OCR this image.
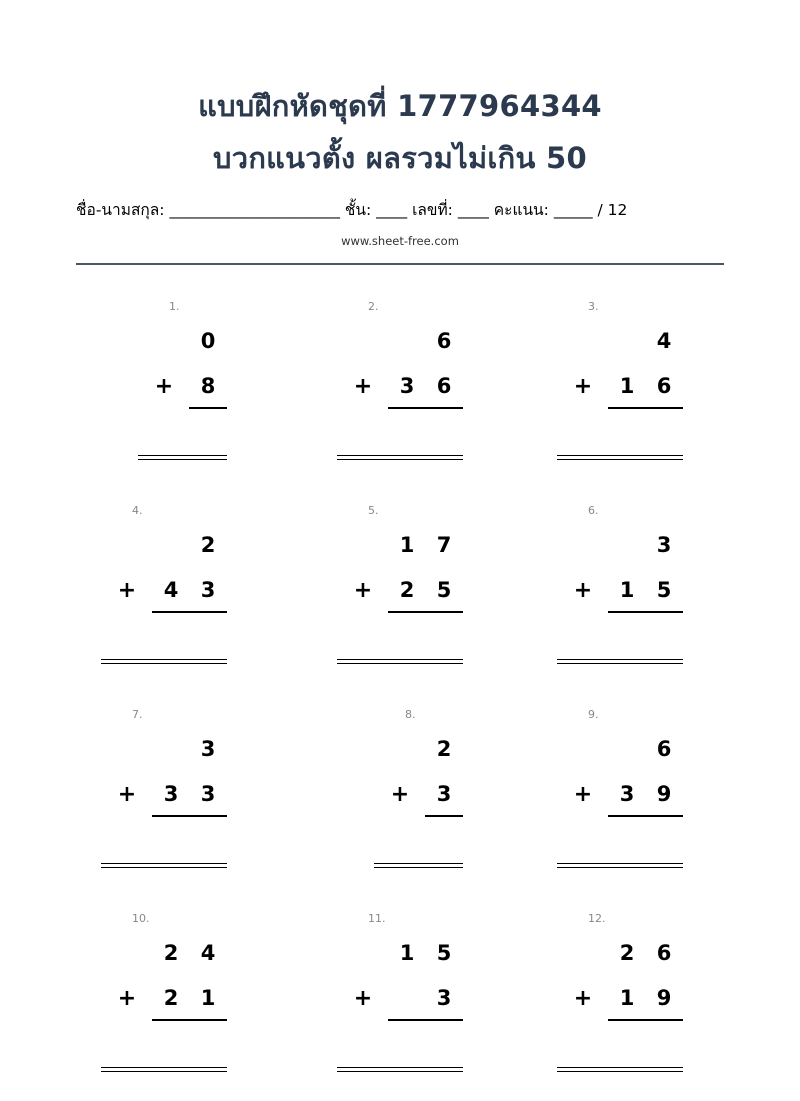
แบบฝึกหัดชุดที่ 1777964344
บวกแนวตั้ง ผลรวมไม่เกิน 50
ชื่อ-นามสกุล: ______________________ ชั้น: ____ เลขที่: ____ คะแนน: _____ / 12
www.sheet-free.com
1.
0
+ 8
2.
6
+ 3 6
3.
4
+ 1 6
4.
2
+ 4 3
5.
1 7
+ 2 5
6.
3
+ 1 5
7.
3
+ 3 3
8.
2
+ 3
9.
6
+ 3 9
10.
2 4
+ 2 1
11.
1 5
+	3
12.
2 6
+ 1 9
